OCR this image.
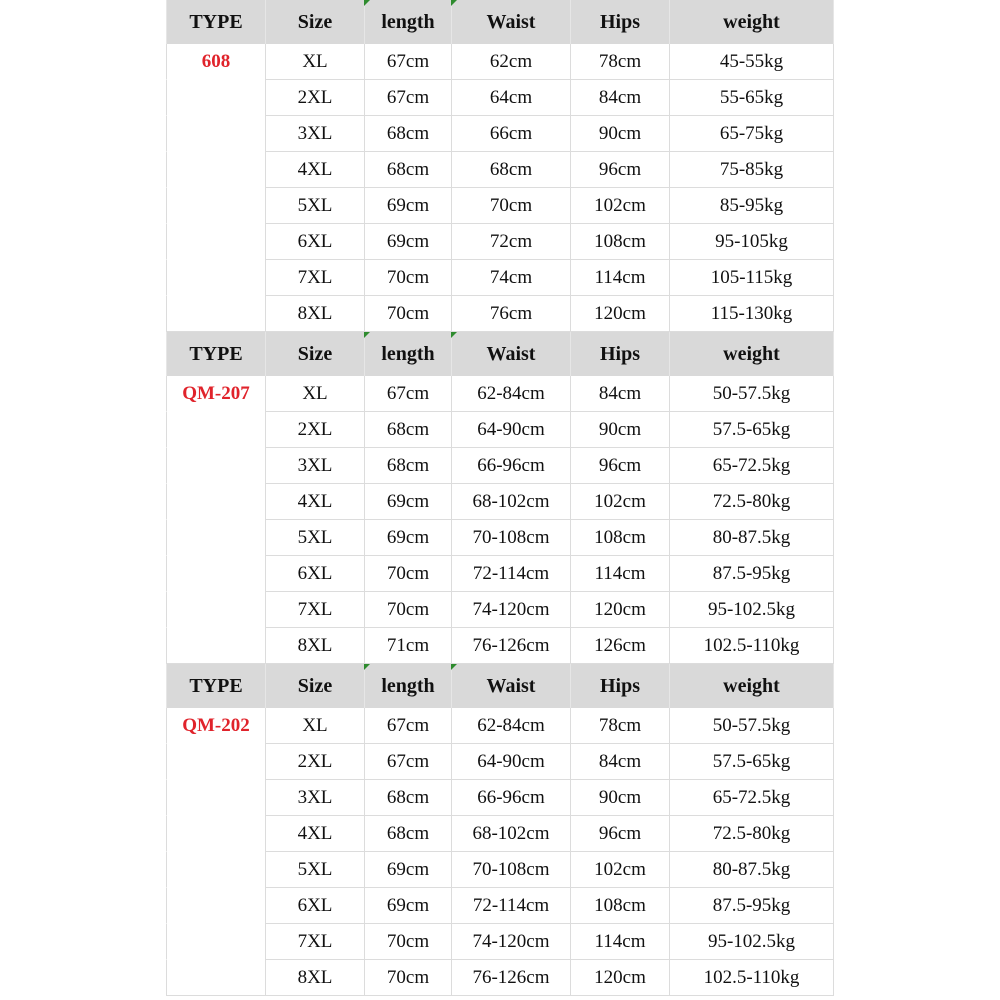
TYPE	Size	length	Waist	Hips	weight
608	XL	67cm	62cm	78cm	45-55kg
2XL	67cm	64cm	84cm	55-65kg
3XL	68cm	66cm	90cm	65-75kg
4XL	68cm	68cm	96cm	75-85kg
5XL	69cm	70cm	102cm	85-95kg
6XL	69cm	72cm	108cm	95-105kg
7XL	70cm	74cm	114cm	105-115kg
8XL	70cm	76cm	120cm	115-130kg
TYPE	Size	length	Waist	Hips	weight
QM-207	XL	67cm	62-84cm	84cm	50-57.5kg
2XL	68cm	64-90cm	90cm	57.5-65kg
3XL	68cm	66-96cm	96cm	65-72.5kg
4XL	69cm	68-102cm	102cm	72.5-80kg
5XL	69cm	70-108cm	108cm	80-87.5kg
6XL	70cm	72-114cm	114cm	87.5-95kg
7XL	70cm	74-120cm	120cm	95-102.5kg
8XL	71cm	76-126cm	126cm	102.5-110kg
TYPE	Size	length	Waist	Hips	weight
QM-202	XL	67cm	62-84cm	78cm	50-57.5kg
2XL	67cm	64-90cm	84cm	57.5-65kg
3XL	68cm	66-96cm	90cm	65-72.5kg
4XL	68cm	68-102cm	96cm	72.5-80kg
5XL	69cm	70-108cm	102cm	80-87.5kg
6XL	69cm	72-114cm	108cm	87.5-95kg
7XL	70cm	74-120cm	114cm	95-102.5kg
8XL	70cm	76-126cm	120cm	102.5-110kg
